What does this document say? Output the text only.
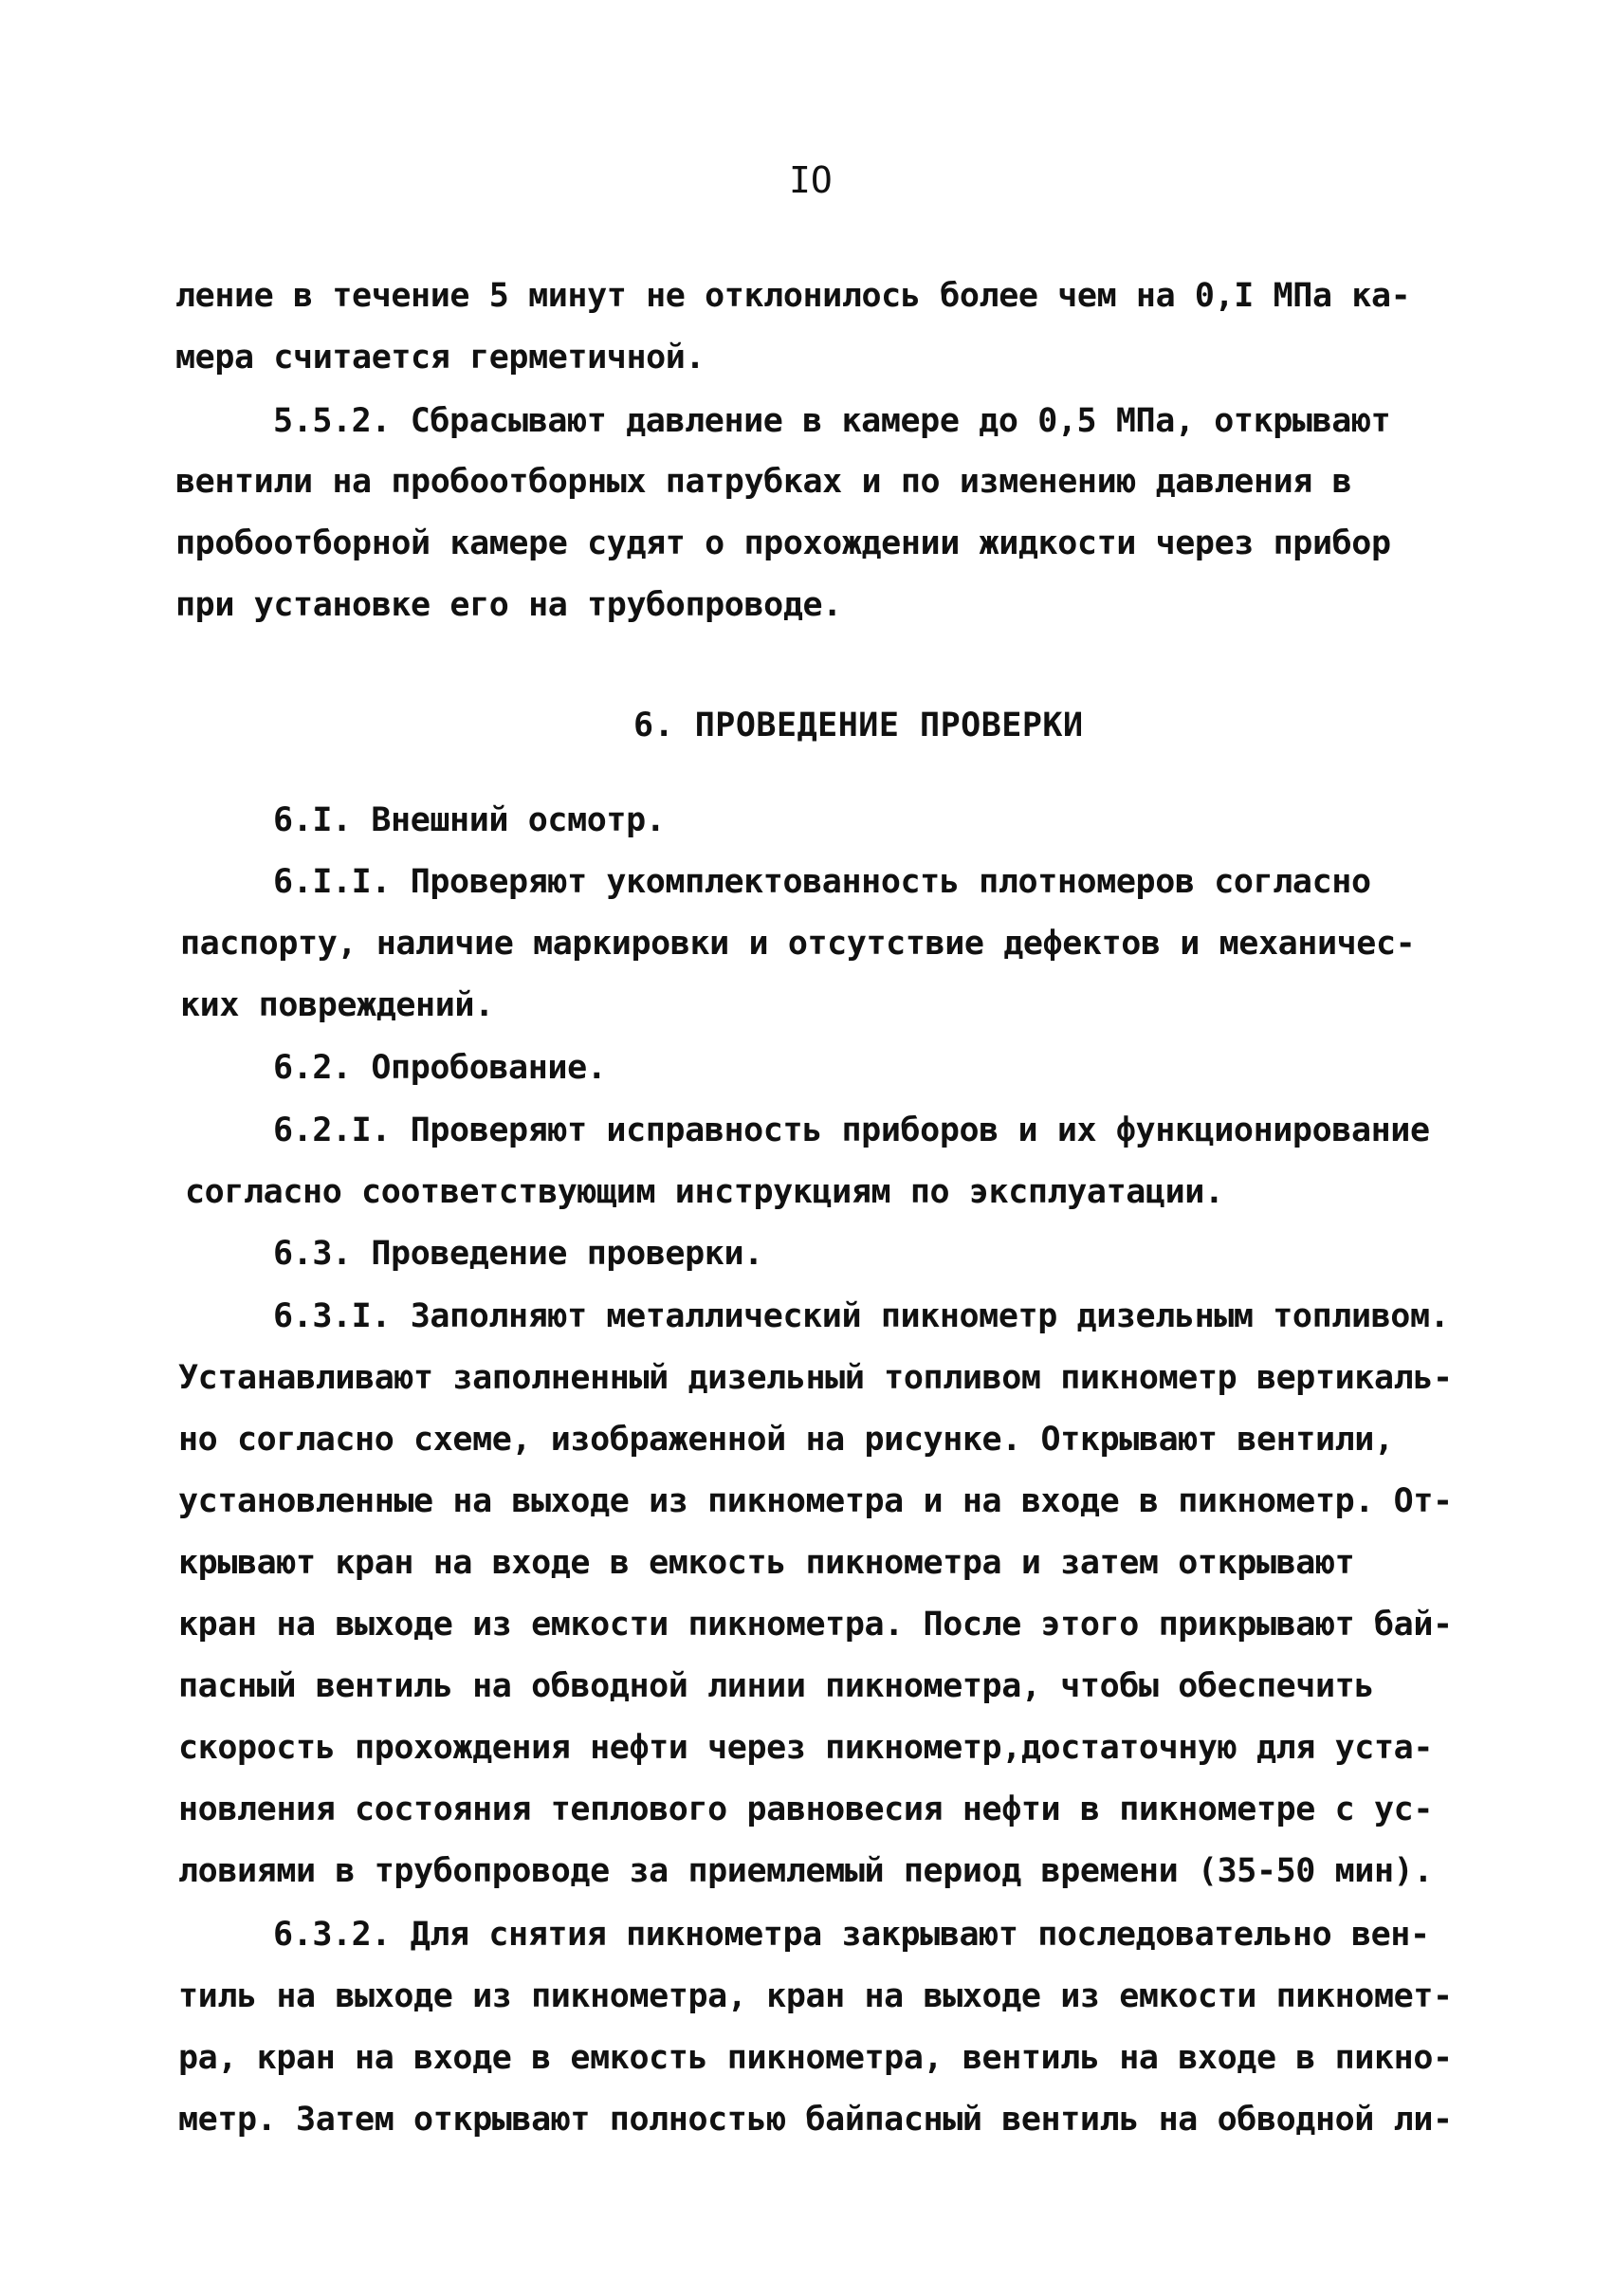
IO
ление в течение 5 минут не отклонилось более чем на 0,I МПа ка-
мера считается герметичной.
5.5.2. Сбрасывают давление в камере до 0,5 МПа, открывают
вентили на пробоотборных патрубках и по изменению давления в
пробоотборной камере судят о прохождении жидкости через прибор
при установке его на трубопроводе.
6. ПРОВЕДЕНИЕ ПРОВЕРКИ
6.I. Внешний осмотр.
6.I.I. Проверяют укомплектованность плотномеров согласно
паспорту, наличие маркировки и отсутствие дефектов и механичес-
ких повреждений.
6.2. Опробование.
6.2.I. Проверяют исправность приборов и их функционирование
согласно соответствующим инструкциям по эксплуатации.
6.3. Проведение проверки.
6.3.I. Заполняют металлический пикнометр дизельным топливом.
Устанавливают заполненный дизельный топливом пикнометр вертикаль-
но согласно схеме, изображенной на рисунке. Открывают вентили,
установленные на выходе из пикнометра и на входе в пикнометр. От-
крывают кран на входе в емкость пикнометра и затем открывают
кран на выходе из емкости пикнометра. После этого прикрывают бай-
пасный вентиль на обводной линии пикнометра, чтобы обеспечить
скорость прохождения нефти через пикнометр,достаточную для уста-
новления состояния теплового равновесия нефти в пикнометре с ус-
ловиями в трубопроводе за приемлемый период времени (35-50 мин).
6.3.2. Для снятия пикнометра закрывают последовательно вен-
тиль на выходе из пикнометра, кран на выходе из емкости пикномет-
ра, кран на входе в емкость пикнометра, вентиль на входе в пикно-
метр. Затем открывают полностью байпасный вентиль на обводной ли-
